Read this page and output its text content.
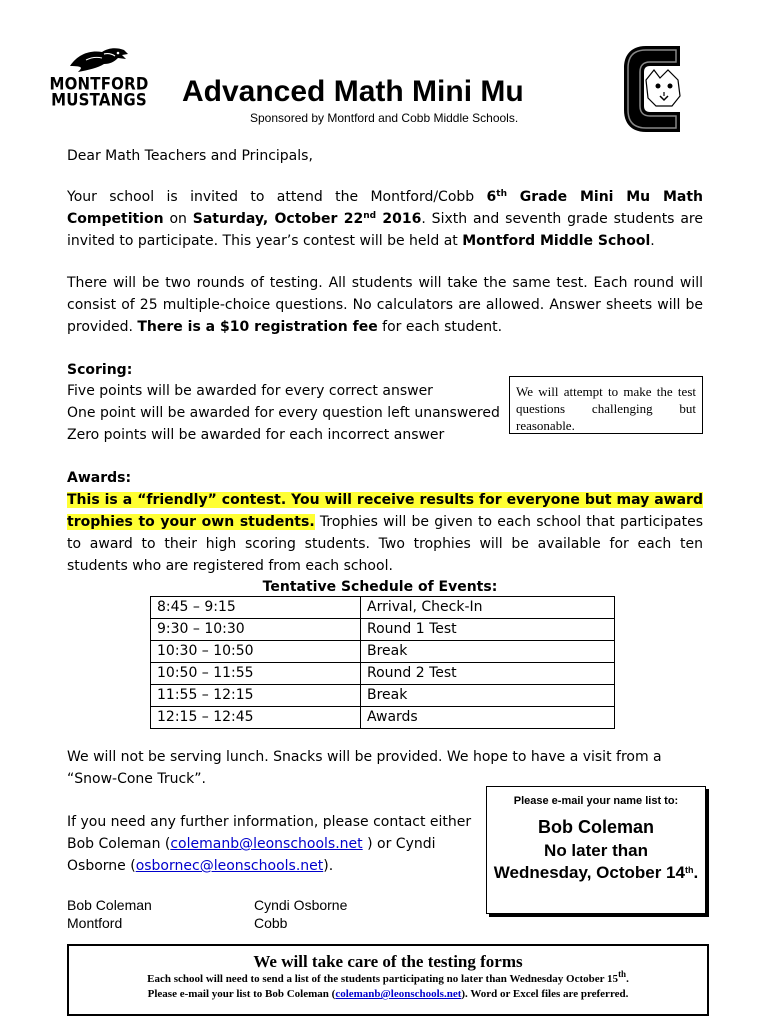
MONTFORD
MUSTANGS Advanced Math Mini Mu
Sponsored by Montford and Cobb Middle Schools.
Dear Math Teachers and Principals,
Your school is invited to attend the Montford/Cobb 6th Grade Mini Mu Math Competition on Saturday, October 22nd 2016. Sixth and seventh grade students are invited to participate. This year’s contest will be held at Montford Middle School.
There will be two rounds of testing. All students will take the same test. Each round will consist of 25 multiple-choice questions. No calculators are allowed. Answer sheets will be provided. There is a $10 registration fee for each student.
Scoring:
Five points will be awarded for every correct answer
One point will be awarded for every question left unanswered
Zero points will be awarded for each incorrect answer
We will attempt to make the test questions challenging but reasonable.
Awards:
This is a “friendly” contest. You will receive results for everyone but may award trophies to your own students. Trophies will be given to each school that participates to award to their high scoring students. Two trophies will be available for each ten students who are registered from each school.
Tentative Schedule of Events:
8:45 – 9:15	Arrival, Check-In
9:30 – 10:30	Round 1 Test
10:30 – 10:50	Break
10:50 – 11:55	Round 2 Test
11:55 – 12:15	Break
12:15 – 12:45	Awards
We will not be serving lunch. Snacks will be provided. We hope to have a visit from a “Snow-Cone Truck”.
If you need any further information, please contact either Bob Coleman (colemanb@leonschools.net ) or Cyndi Osborne (osbornec@leonschools.net).
Bob Coleman
Montford
Cyndi Osborne
Cobb
Please e-mail your name list to:
Bob Coleman
No later than Wednesday, October 14th.
We will take care of the testing forms
Each school will need to send a list of the students participating no later than Wednesday October 15th.
Please e-mail your list to Bob Coleman (colemanb@leonschools.net). Word or Excel files are preferred.
